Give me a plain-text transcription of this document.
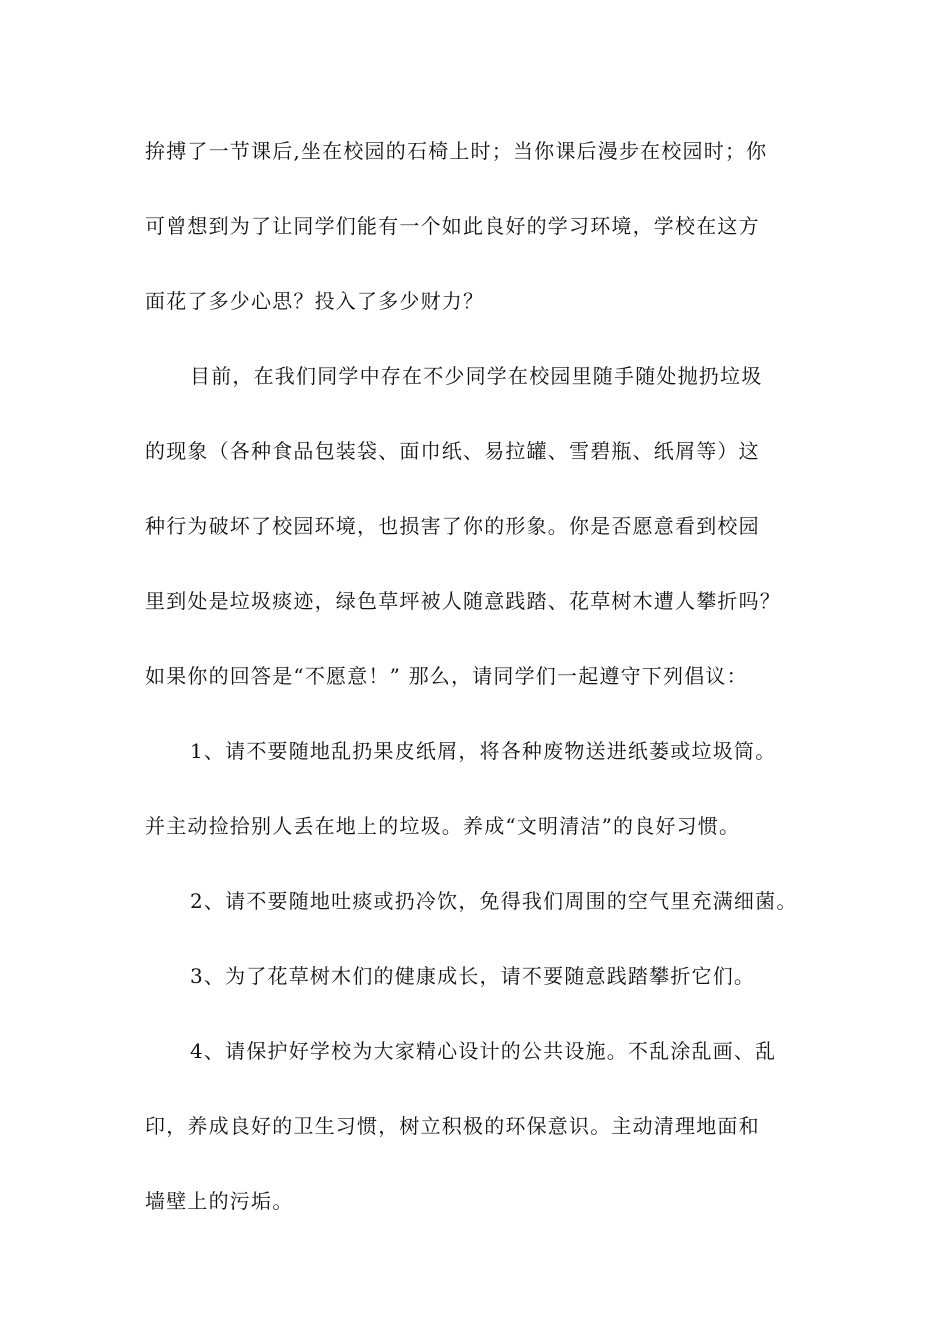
拚搏了一节课后,坐在校园的石椅上时；当你课后漫步在校园时；你
可曾想到为了让同学们能有一个如此良好的学习环境，学校在这方
面花了多少心思？投入了多少财力？
目前，在我们同学中存在不少同学在校园里随手随处抛扔垃圾
的现象（各种食品包装袋、面巾纸、易拉罐、雪碧瓶、纸屑等）这
种行为破坏了校园环境，也损害了你的形象。你是否愿意看到校园
里到处是垃圾痰迹，绿色草坪被人随意践踏、花草树木遭人攀折吗？
如果你的回答是“不愿意！” 那么，请同学们一起遵守下列倡议：
1、请不要随地乱扔果皮纸屑，将各种废物送进纸蒌或垃圾筒。
并主动捡拾别人丢在地上的垃圾。养成“文明清洁”的良好习惯。
2、请不要随地吐痰或扔冷饮，免得我们周围的空气里充满细菌。
3、为了花草树木们的健康成长，请不要随意践踏攀折它们。
4、请保护好学校为大家精心设计的公共设施。不乱涂乱画、乱
印，养成良好的卫生习惯，树立积极的环保意识。主动清理地面和
墙壁上的污垢。
